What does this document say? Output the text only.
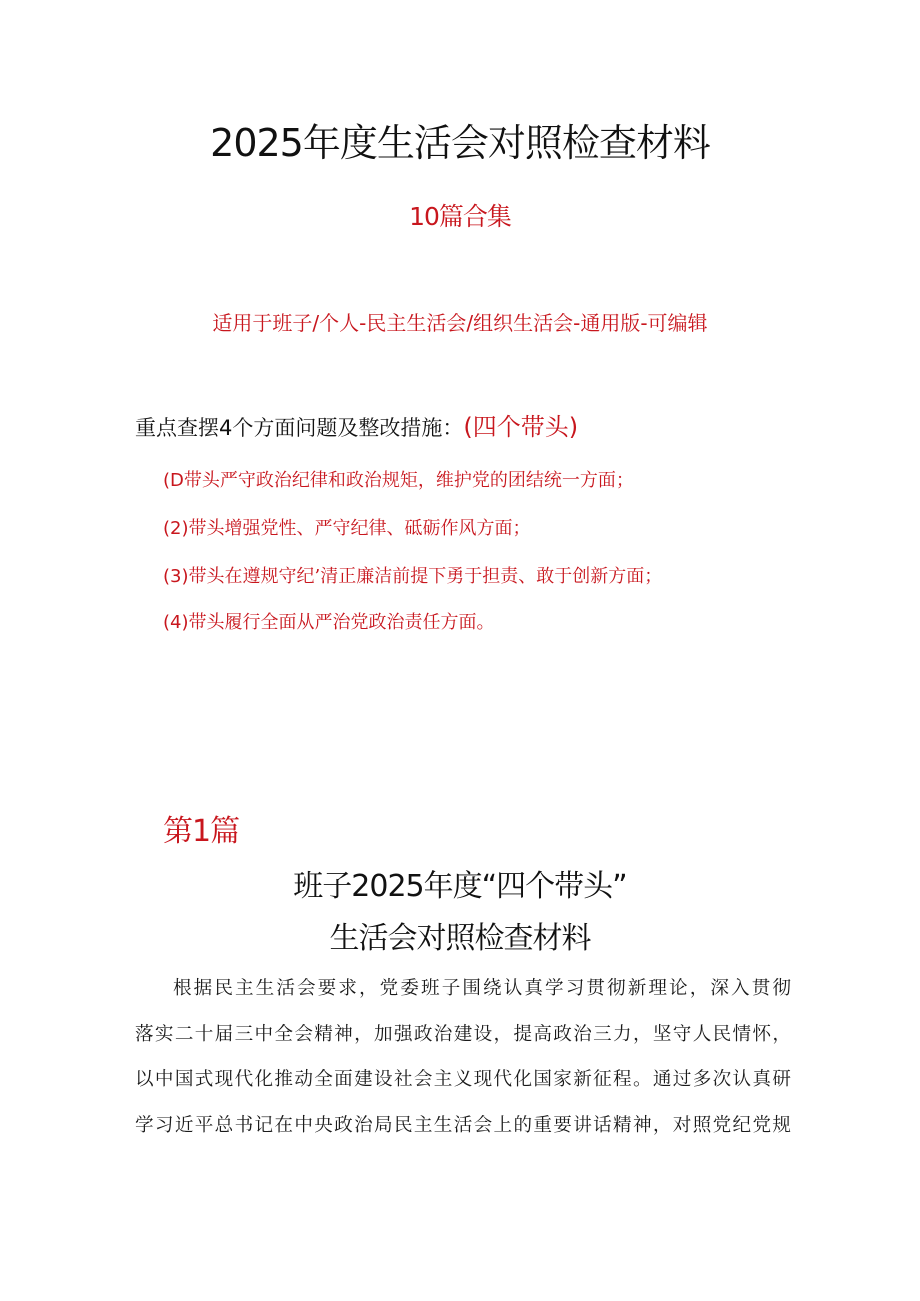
2025年度生活会对照检查材料
10篇合集
适用于班子/个人-民主生活会/组织生活会-通用版-可编辑
重点查摆4个方面问题及整改措施：(四个带头)
(D带头严守政治纪律和政治规矩，维护党的团结统一方面；
(2)带头增强党性、严守纪律、砥砺作风方面；
(3)带头在遵规守纪’清正廉洁前提下勇于担责、敢于创新方面；
(4)带头履行全面从严治党政治责任方面。
第1篇
班子2025年度“四个带头”
生活会对照检查材料
根据民主生活会要求，党委班子围绕认真学习贯彻新理论，深入贯彻
落实二十届三中全会精神，加强政治建设，提高政治三力，坚守人民情怀，
以中国式现代化推动全面建设社会主义现代化国家新征程。通过多次认真研
学习近平总书记在中央政治局民主生活会上的重要讲话精神，对照党纪党规
